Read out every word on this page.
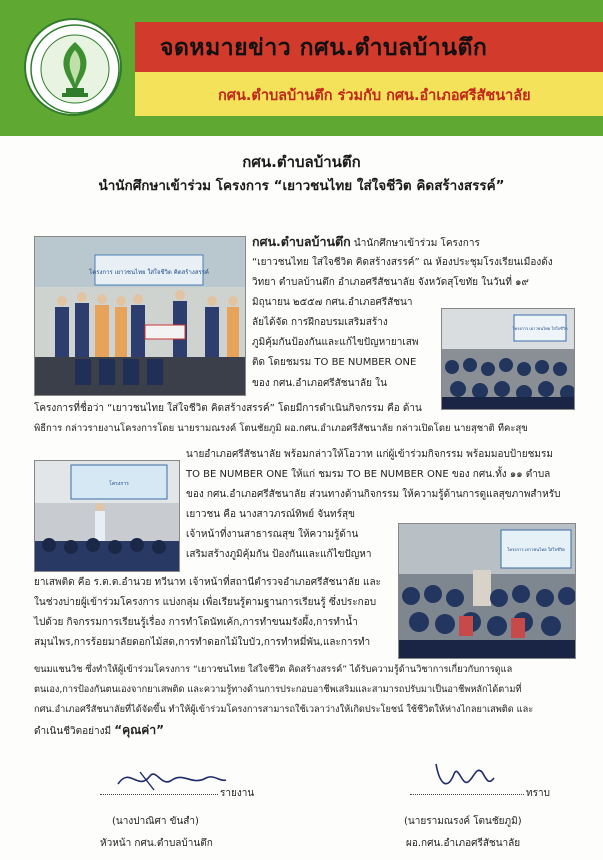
จดหมายข่าว กศน.ตำบลบ้านตึก
กศน.ตำบลบ้านตึก ร่วมกับ กศน.อำเภอศรีสัชนาลัย
กศน.ตำบลบ้านตึก
นำนักศึกษาเข้าร่วม โครงการ “เยาวชนไทย ใส่ใจชีวิต คิดสร้างสรรค์”
โครงการ เยาวชนไทย ใส่ใจชีวิต คิดสร้างสรรค์
โครงการ เยาวชนไทย ใส่ใจชีวิต
โครงการ
โครงการ เยาวชนไทย ใส่ใจชีวิต
กศน.ตำบลบ้านตึก นำนักศึกษาเข้าร่วม โครงการ
“เยาวชนไทย ใส่ใจชีวิต คิดสร้างสรรค์” ณ ห้องประชุมโรงเรียนเมืองด้ง
วิทยา ตำบลบ้านตึก อำเภอศรีสัชนาลัย จังหวัดสุโขทัย ในวันที่ ๑๙
มิถุนายน ๒๕๕๗ กศน.อำเภอศรีสัชนา
ลัยได้จัด การฝึกอบรมเสริมสร้าง
ภูมิคุ้มกันป้องกันและแก้ไขปัญหายาเสพ
ติด โดยชมรม TO BE NUMBER ONE
ของ กศน.อำเภอศรีสัชนาลัย ใน
โครงการที่ชื่อว่า “เยาวชนไทย ใส่ใจชีวิต คิดสร้างสรรค์” โดยมีการดำเนินกิจกรรม คือ ด้าน
พิธีการ กล่าวรายงานโครงการโดย นายรามณรงค์ โตนชัยภูมิ ผอ.กศน.อำเภอศรีสัชนาลัย กล่าวเปิดโดย นายสุชาติ ทีคะสุข
นายอำเภอศรีสัชนาลัย พร้อมกล่าวให้โอวาท แก่ผู้เข้าร่วมกิจกรรม พร้อมมอบป้ายชมรม
TO BE NUMBER ONE ให้แก่ ชมรม TO BE NUMBER ONE ของ กศน.ทั้ง ๑๑ ตำบล
ของ กศน.อำเภอศรีสัชนาลัย ส่วนทางด้านกิจกรรม ให้ความรู้ด้านการดูแลสุขภาพสำหรับ
เยาวชน คือ นางสาวภรณ์ทิพย์ จันทร์สุข
เจ้าหน้าที่งานสาธารณสุข ให้ความรู้ด้าน
เสริมสร้างภูมิคุ้มกัน ป้องกันและแก้ไขปัญหา
ยาเสพติด คือ ร.ต.ต.อำนวย ทวีนาท เจ้าหน้าที่สถานีตำรวจอำเภอศรีสัชนาลัย และ
ในช่วงบ่ายผู้เข้าร่วมโครงการ แบ่งกลุ่ม เพื่อเรียนรู้ตามฐานการเรียนรู้ ซึ่งประกอบ
ไปด้วย กิจกรรมการเรียนรู้เรื่อง การทำโดนัทเค้ก,การทำขนมรังผึ้ง,การทำน้ำ
สมุนไพร,การร้อยมาลัยดอกไม้สด,การทำดอกไม้ใบบัว,การทำหมี่พัน,และการทำ
ขนมแชนวิช ซึ่งทำให้ผู้เข้าร่วมโครงการ “เยาวชนไทย ใส่ใจชีวิต คิดสร้างสรรค์” ได้รับความรู้ด้านวิชาการเกี่ยวกับการดูแล
ตนเอง,การป้องกันตนเองจากยาเสพติด และความรู้ทางด้านการประกอบอาชีพเสริมและสามารถปรับมาเป็นอาชีพหลักได้ตามที่
กศน.อำเภอศรีสัชนาลัยที่ได้จัดขึ้น ทำให้ผู้เข้าร่วมโครงการสามารถใช้เวลาว่างให้เกิดประโยชน์ ใช้ชีวิตให้ห่างไกลยาเสพติด และ
ดำเนินชีวิตอย่างมี “คุณค่า”
รายงาน
(นางปาณิศา ขันสำ)
หัวหน้า กศน.ตำบลบ้านตึก
ทราบ
(นายรามณรงค์ โตนชัยภูมิ)
ผอ.กศน.อำเภอศรีสัชนาลัย
